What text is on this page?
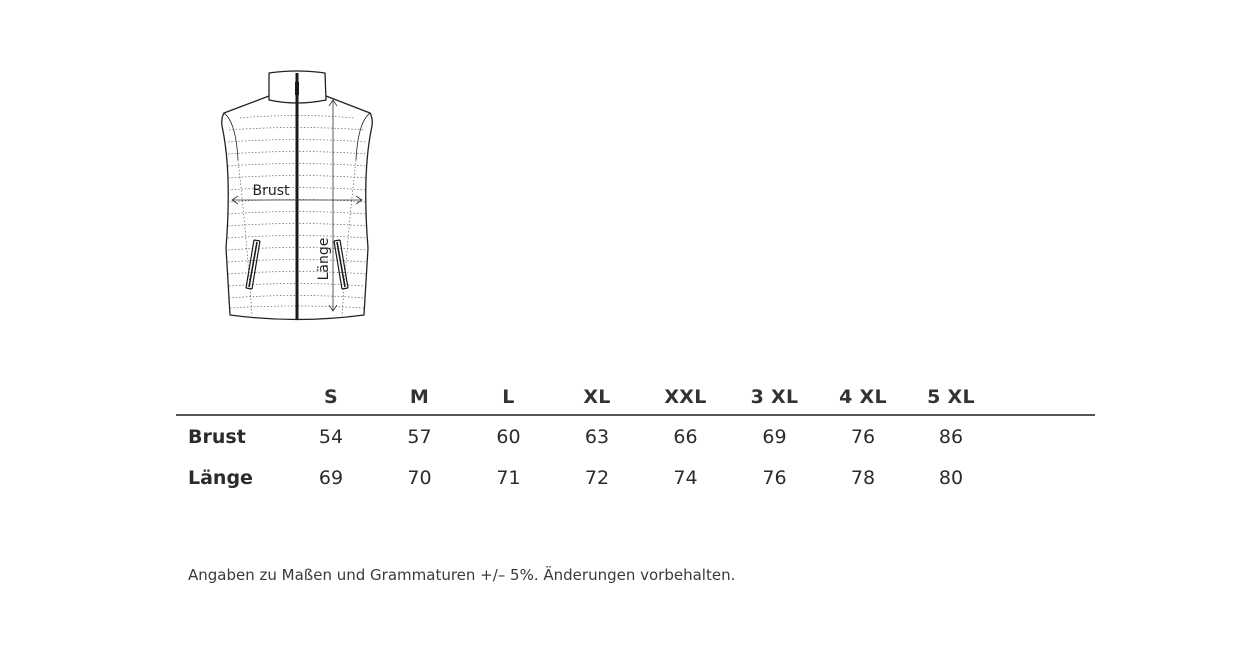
Brust
Länge
	S	M	L	XL	XXL	3 XL	4 XL	5 XL	
Brust	54	57	60	63	66	69	76	86	
Länge	69	70	71	72	74	76	78	80	
Angaben zu Maßen und Grammaturen +/– 5%. Änderungen vorbehalten.
